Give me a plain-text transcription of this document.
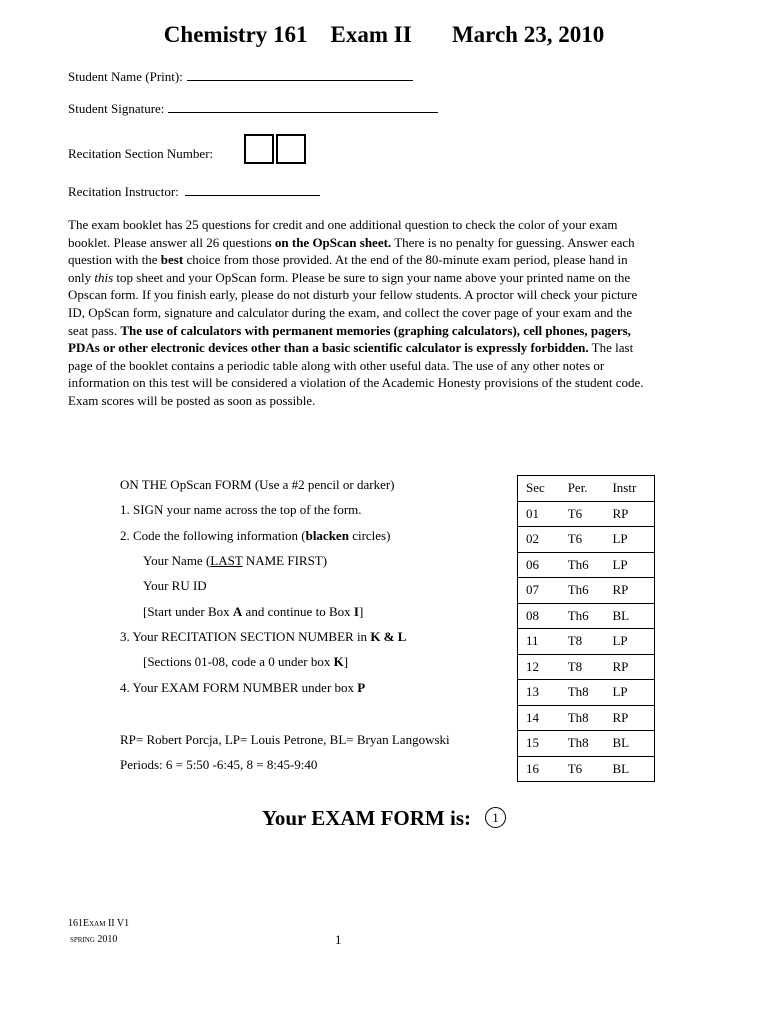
Chemistry 161 Exam II March 23, 2010
Student Name (Print):
Student Signature:
Recitation Section Number:
Recitation Instructor:
The exam booklet has 25 questions for credit and one additional question to check the color of your exam
booklet. Please answer all 26 questions on the OpScan sheet. There is no penalty for guessing. Answer each
question with the best choice from those provided. At the end of the 80-minute exam period, please hand in
only this top sheet and your OpScan form. Please be sure to sign your name above your printed name on the
Opscan form. If you finish early, please do not disturb your fellow students. A proctor will check your picture
ID, OpScan form, signature and calculator during the exam, and collect the cover page of your exam and the
seat pass. The use of calculators with permanent memories (graphing calculators), cell phones, pagers,
PDAs or other electronic devices other than a basic scientific calculator is expressly forbidden. The last
page of the booklet contains a periodic table along with other useful data. The use of any other notes or
information on this test will be considered a violation of the Academic Honesty provisions of the student code.
Exam scores will be posted as soon as possible.
ON THE OpScan FORM (Use a #2 pencil or darker)
1. SIGN your name across the top of the form.
2. Code the following information (blacken circles)
Your Name (LAST NAME FIRST)
Your RU ID
[Start under Box A and continue to Box I]
3. Your RECITATION SECTION NUMBER in K & L
[Sections 01-08, code a 0 under box K]
4. Your EXAM FORM NUMBER under box P
RP= Robert Porcja, LP= Louis Petrone, BL= Bryan Langowski
Periods: 6 = 5:50 -6:45, 8 = 8:45-9:40
Sec	Per.	Instr
01	T6	RP
02	T6	LP
06	Th6	LP
07	Th6	RP
08	Th6	BL
11	T8	LP
12	T8	RP
13	Th8	LP
14	Th8	RP
15	Th8	BL
16	T6	BL
Your EXAM FORM is: 1
161Exam II V1
spring 2010	1
